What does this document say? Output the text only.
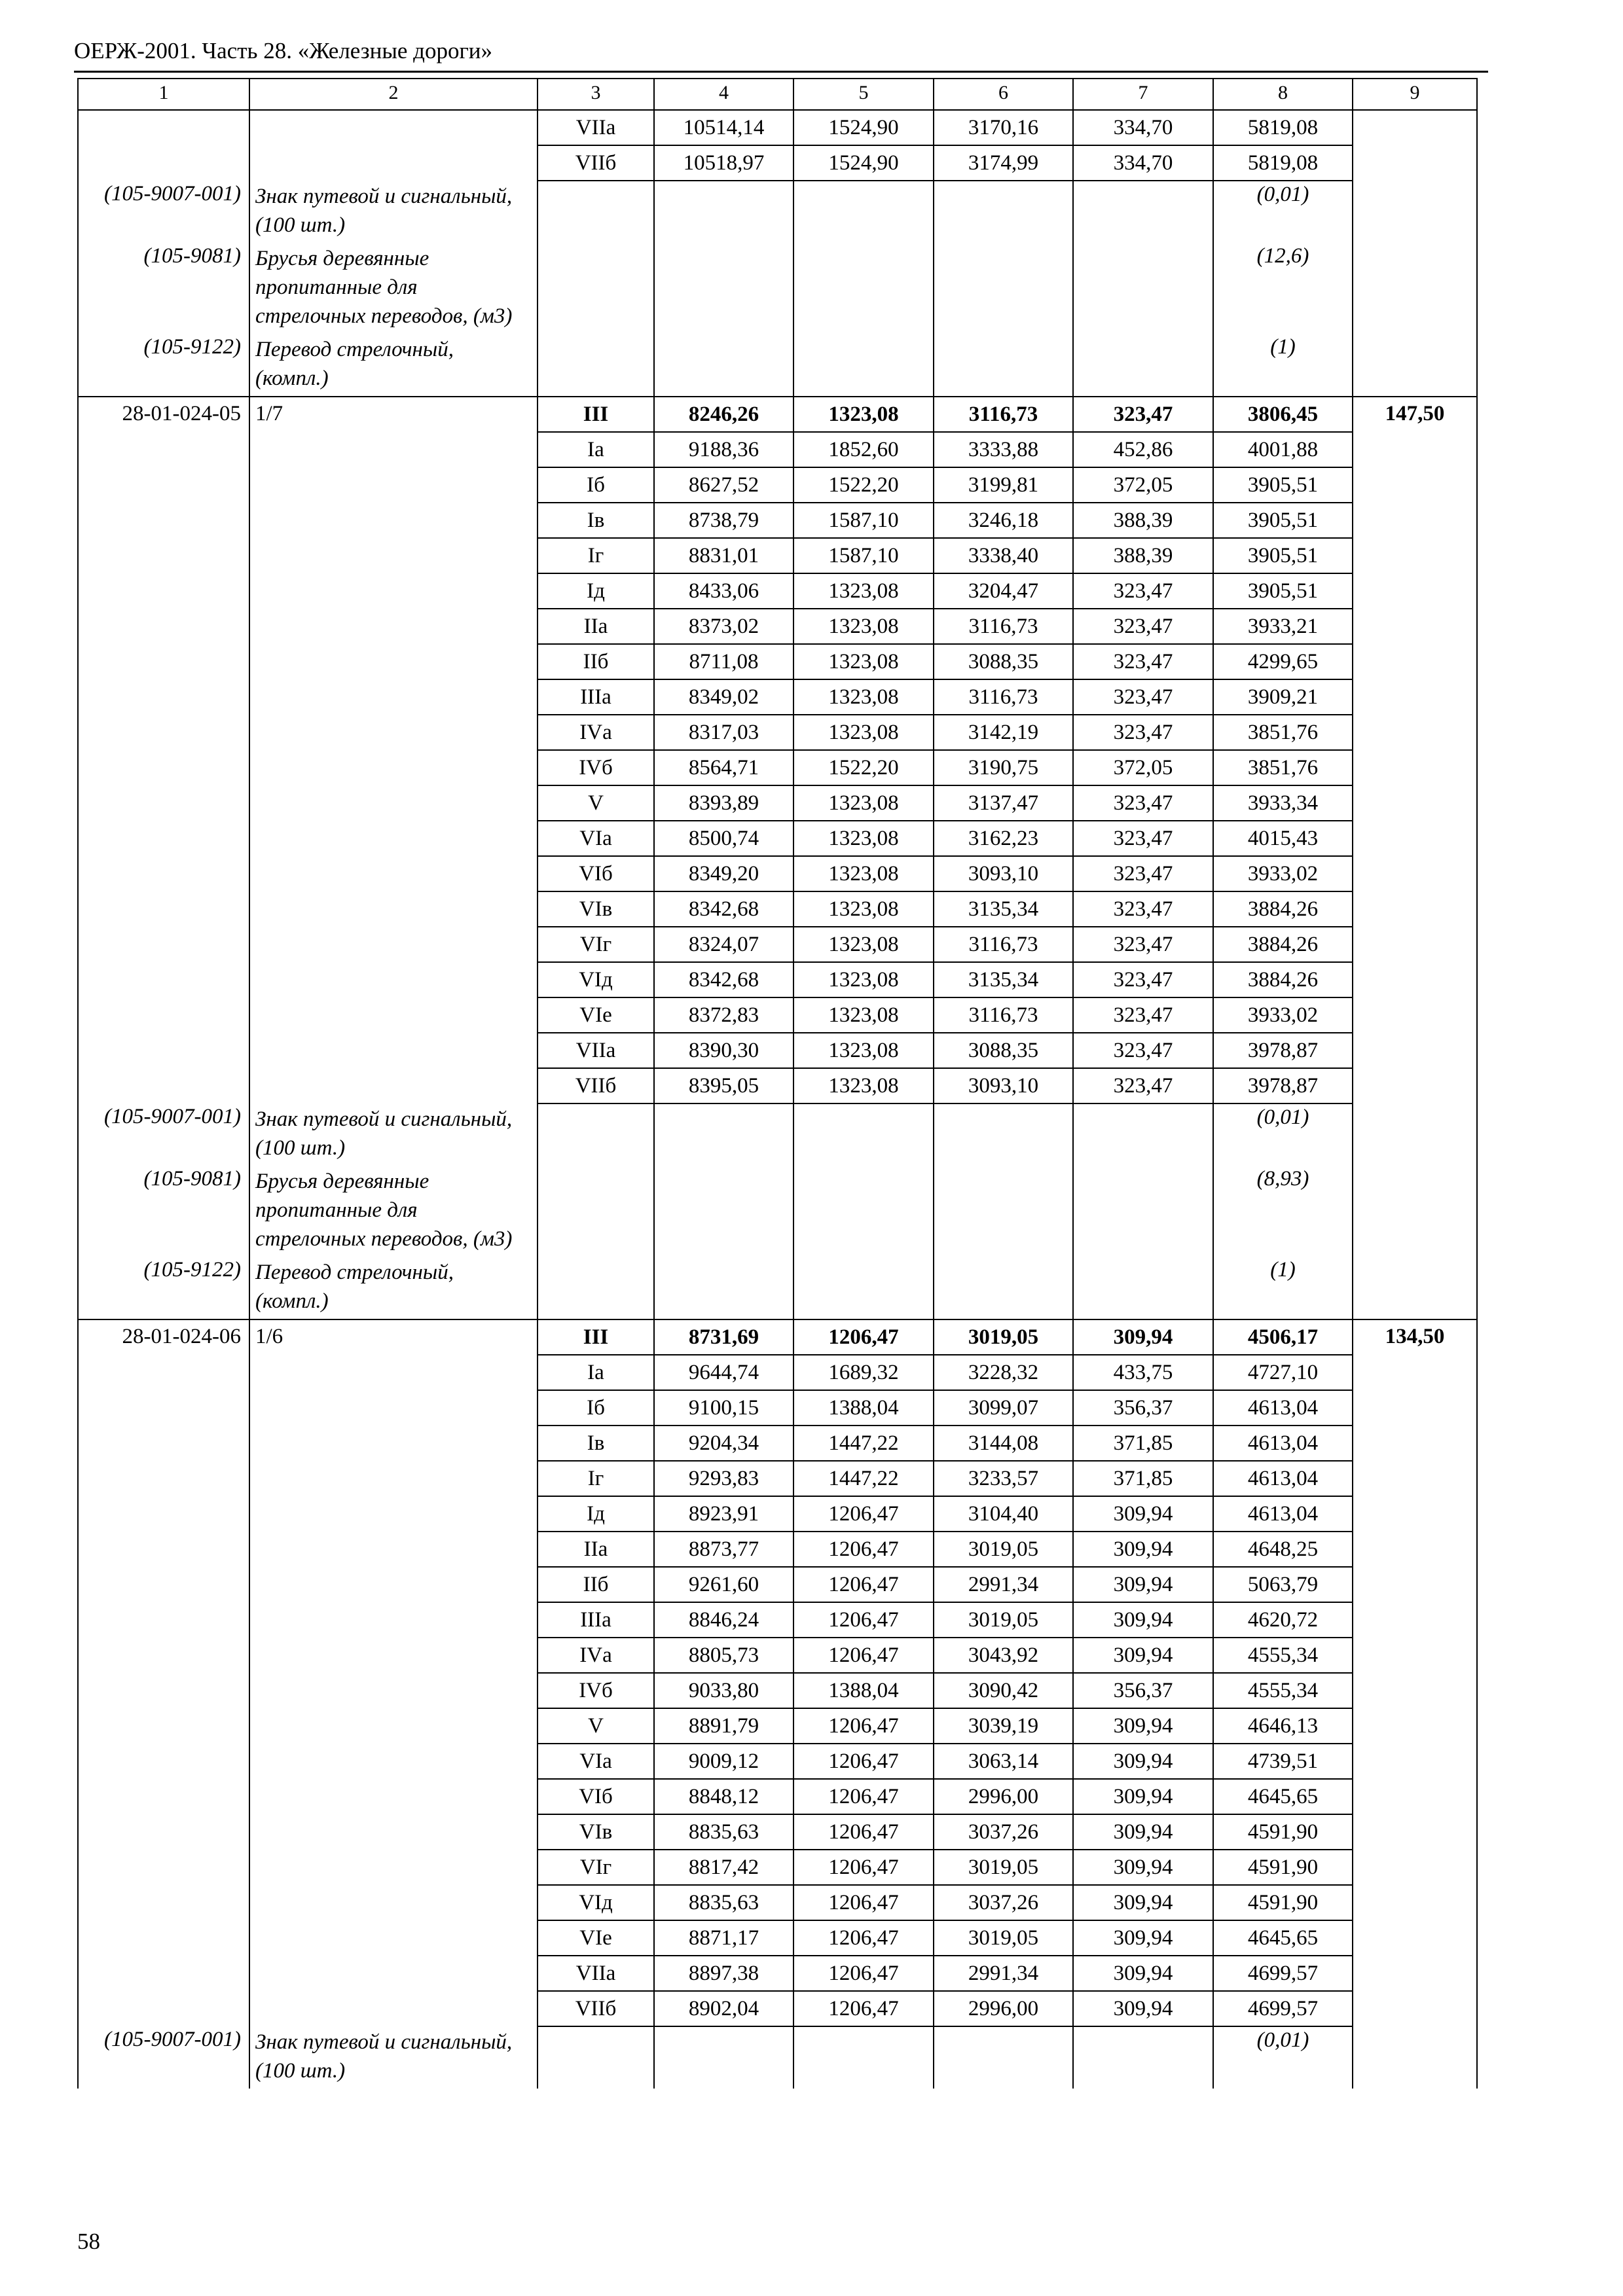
ОЕРЖ-2001. Часть 28. «Железные дороги»
1	2	3	4	5	6	7	8	9
		VIIа	10514,14	1524,90	3170,16	334,70	5819,08	
		VIIб	10518,97	1524,90	3174,99	334,70	5819,08	
(105-9007-001)	Знак путевой и сигнальный, (100 шт.)						(0,01)	
(105-9081)	Брусья деревянные пропитанные для стрелочных переводов, (м3)						(12,6)	
(105-9122)	Перевод стрелочный, (компл.)						(1)	
28-01-024-05	1/7	III	8246,26	1323,08	3116,73	323,47	3806,45	147,50
		Iа	9188,36	1852,60	3333,88	452,86	4001,88	
		Iб	8627,52	1522,20	3199,81	372,05	3905,51	
		Iв	8738,79	1587,10	3246,18	388,39	3905,51	
		Iг	8831,01	1587,10	3338,40	388,39	3905,51	
		Iд	8433,06	1323,08	3204,47	323,47	3905,51	
		IIа	8373,02	1323,08	3116,73	323,47	3933,21	
		IIб	8711,08	1323,08	3088,35	323,47	4299,65	
		IIIа	8349,02	1323,08	3116,73	323,47	3909,21	
		IVа	8317,03	1323,08	3142,19	323,47	3851,76	
		IVб	8564,71	1522,20	3190,75	372,05	3851,76	
		V	8393,89	1323,08	3137,47	323,47	3933,34	
		VIа	8500,74	1323,08	3162,23	323,47	4015,43	
		VIб	8349,20	1323,08	3093,10	323,47	3933,02	
		VIв	8342,68	1323,08	3135,34	323,47	3884,26	
		VIг	8324,07	1323,08	3116,73	323,47	3884,26	
		VIд	8342,68	1323,08	3135,34	323,47	3884,26	
		VIе	8372,83	1323,08	3116,73	323,47	3933,02	
		VIIа	8390,30	1323,08	3088,35	323,47	3978,87	
		VIIб	8395,05	1323,08	3093,10	323,47	3978,87	
(105-9007-001)	Знак путевой и сигнальный, (100 шт.)						(0,01)	
(105-9081)	Брусья деревянные пропитанные для стрелочных переводов, (м3)						(8,93)	
(105-9122)	Перевод стрелочный, (компл.)						(1)	
28-01-024-06	1/6	III	8731,69	1206,47	3019,05	309,94	4506,17	134,50
		Iа	9644,74	1689,32	3228,32	433,75	4727,10	
		Iб	9100,15	1388,04	3099,07	356,37	4613,04	
		Iв	9204,34	1447,22	3144,08	371,85	4613,04	
		Iг	9293,83	1447,22	3233,57	371,85	4613,04	
		Iд	8923,91	1206,47	3104,40	309,94	4613,04	
		IIа	8873,77	1206,47	3019,05	309,94	4648,25	
		IIб	9261,60	1206,47	2991,34	309,94	5063,79	
		IIIа	8846,24	1206,47	3019,05	309,94	4620,72	
		IVа	8805,73	1206,47	3043,92	309,94	4555,34	
		IVб	9033,80	1388,04	3090,42	356,37	4555,34	
		V	8891,79	1206,47	3039,19	309,94	4646,13	
		VIа	9009,12	1206,47	3063,14	309,94	4739,51	
		VIб	8848,12	1206,47	2996,00	309,94	4645,65	
		VIв	8835,63	1206,47	3037,26	309,94	4591,90	
		VIг	8817,42	1206,47	3019,05	309,94	4591,90	
		VIд	8835,63	1206,47	3037,26	309,94	4591,90	
		VIе	8871,17	1206,47	3019,05	309,94	4645,65	
		VIIа	8897,38	1206,47	2991,34	309,94	4699,57	
		VIIб	8902,04	1206,47	2996,00	309,94	4699,57	
(105-9007-001)	Знак путевой и сигнальный, (100 шт.)						(0,01)	
58
